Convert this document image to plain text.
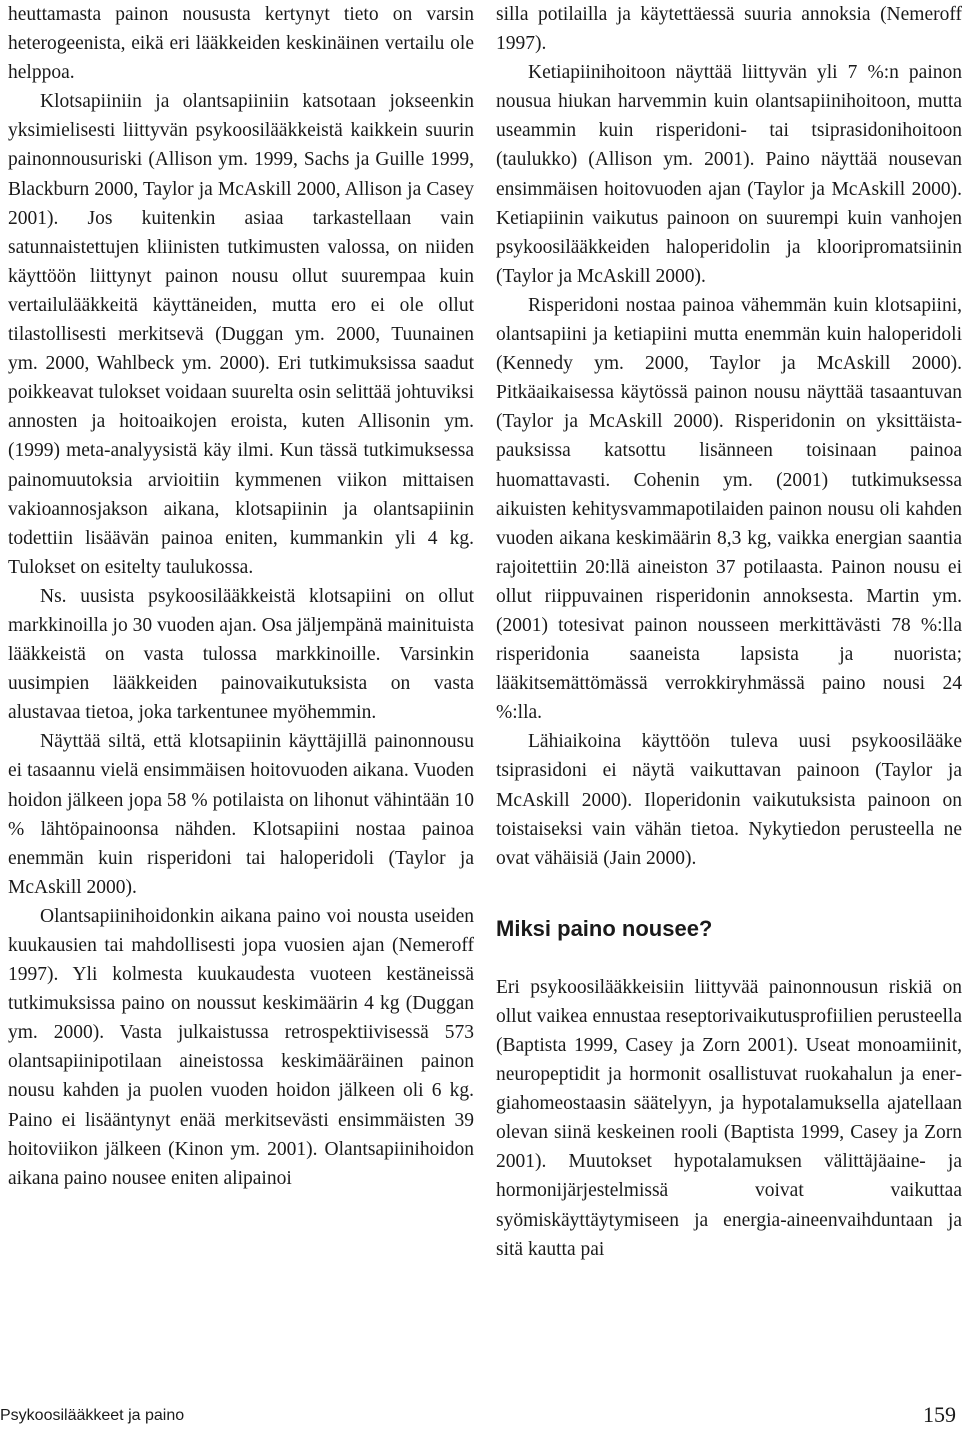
heuttamasta painon noususta kertynyt tieto on varsin heterogeenista, eikä eri lääkkeiden keskinäinen vertailu ole helppoa.

Klotsapiiniin ja olantsapiiniin katsotaan jokseenkin yksimielisesti liittyvän psykoosilääkkeistä kaikkein suurin painonnousuriski (Allison ym. 1999, Sachs ja Guille 1999, Blackburn 2000, Taylor ja McAskill 2000, Allison ja Casey 2001). Jos kuitenkin asiaa tarkastellaan vain satunnaistettujen kliinisten tutkimusten valossa, on niiden käyttöön liittynyt painon nousu ollut suurempaa kuin vertailulääkkeitä käyttäneiden, mutta ero ei ole ollut tilastollisesti merkitsevä (Duggan ym. 2000, Tuunainen ym. 2000, Wahlbeck ym. 2000). Eri tutkimuksissa saadut poikkeavat tulokset voidaan suurelta osin selittää johtuviksi annosten ja hoitoaikojen eroista, kuten Allisonin ym. (1999) meta-analyysistä käy ilmi. Kun tässä tutkimuksessa painomuutoksia arvioitiin kymmenen viikon mittaisen vakioannosjakson aikana, klotsapiinin ja olantsapiinin todettiin lisäävän painoa eniten, kummankin yli 4 kg. Tulokset on esitelty taulukossa.

Ns. uusista psykoosilääkkeistä klotsapiini on ollut markkinoilla jo 30 vuoden ajan. Osa jäljempänä mainituista lääkkeistä on vasta tulossa markkinoille. Varsinkin uusimpien lääkkeiden painovaikutuksista on vasta alustavaa tietoa, joka tarkentunee myöhemmin.

Näyttää siltä, että klotsapiinin käyttäjillä painonnousu ei tasaannu vielä ensimmäisen hoitovuoden aikana. Vuoden hoidon jälkeen jopa 58 % potilaista on lihonut vähintään 10 % lähtöpainoonsa nähden. Klotsapiini nostaa painoa enemmän kuin risperidoni tai haloperidoli (Taylor ja McAskill 2000).

Olantsapiinihoidonkin aikana paino voi nousta useiden kuukausien tai mahdollisesti jopa vuosien ajan (Nemeroff 1997). Yli kolmesta kuukaudesta vuoteen kestäneissä tutkimuksissa paino on noussut keskimäärin 4 kg (Duggan ym. 2000). Vasta julkaistussa retrospektiivisessä 573 olantsapiinipotilaan aineistossa keskimääräinen painon nousu kahden ja puolen vuoden hoidon jälkeen oli 6 kg. Paino ei lisääntynyt enää merkitsevästi ensimmäisten 39 hoitoviikon jälkeen (Kinon ym. 2001). Olantsapiinihoidon aikana paino nousee eniten alipainoi

silla potilailla ja käytettäessä suuria annoksia (Nemeroff 1997).

Ketiapiinihoitoon näyttää liittyvän yli 7 %:n painon nousua hiukan harvemmin kuin olantsapiinihoitoon, mutta useammin kuin risperidoni- tai tsiprasidonihoitoon (taulukko) (Allison ym. 2001). Paino näyttää nousevan ensimmäisen hoitovuoden ajan (Taylor ja McAskill 2000). Ketiapiinin vaikutus painoon on suurempi kuin vanhojen psykoosilääkkeiden haloperidolin ja klooripromatsiinin (Taylor ja McAskill 2000).

Risperidoni nostaa painoa vähemmän kuin klotsapiini, olantsapiini ja ketiapiini mutta enemmän kuin haloperidoli (Kennedy ym. 2000, Taylor ja McAskill 2000). Pitkäaikaisessa käytössä painon nousu näyttää tasaantuvan (Taylor ja McAskill 2000). Risperidonin on yksittäistapauksissa katsottu lisänneen toisinaan painoa huomattavasti. Cohenin ym. (2001) tutkimuksessa aikuisten kehitysvammapotilaiden painon nousu oli kahden vuoden aikana keskimäärin 8,3 kg, vaikka energian saantia rajoitettiin 20:llä aineiston 37 potilaasta. Painon nousu ei ollut riippuvainen risperidonin annoksesta. Martin ym. (2001) totesivat painon nousseen merkittävästi 78 %:lla risperidonia saaneista lapsista ja nuorista; lääkitsemättömässä verrokkiryhmässä paino nousi 24 %:lla.

Lähiaikoina käyttöön tuleva uusi psykoosilääke tsiprasidoni ei näytä vaikuttavan painoon (Taylor ja McAskill 2000). Iloperidonin vaikutuksista painoon on toistaiseksi vain vähän tietoa. Nykytiedon perusteella ne ovat vähäisiä (Jain 2000).

Miksi paino nousee?

Eri psykoosilääkkeisiin liittyvää painonnousun riskiä on ollut vaikea ennustaa reseptorivaikutusprofiilien perusteella (Baptista 1999, Casey ja Zorn 2001). Useat monoamiinit, neuropeptidit ja hormonit osallistuvat ruokahalun ja energiahomeostaasin säätelyyn, ja hypotalamuksella ajatellaan olevan siinä keskeinen rooli (Baptista 1999, Casey ja Zorn 2001). Muutokset hypotalamuksen välittäjäaine- ja hormonijärjestelmissä voivat vaikuttaa syömiskäyttäytymiseen ja energia-aineenvaihduntaan ja sitä kautta pai

Psykoosilääkkeet ja paino	159
